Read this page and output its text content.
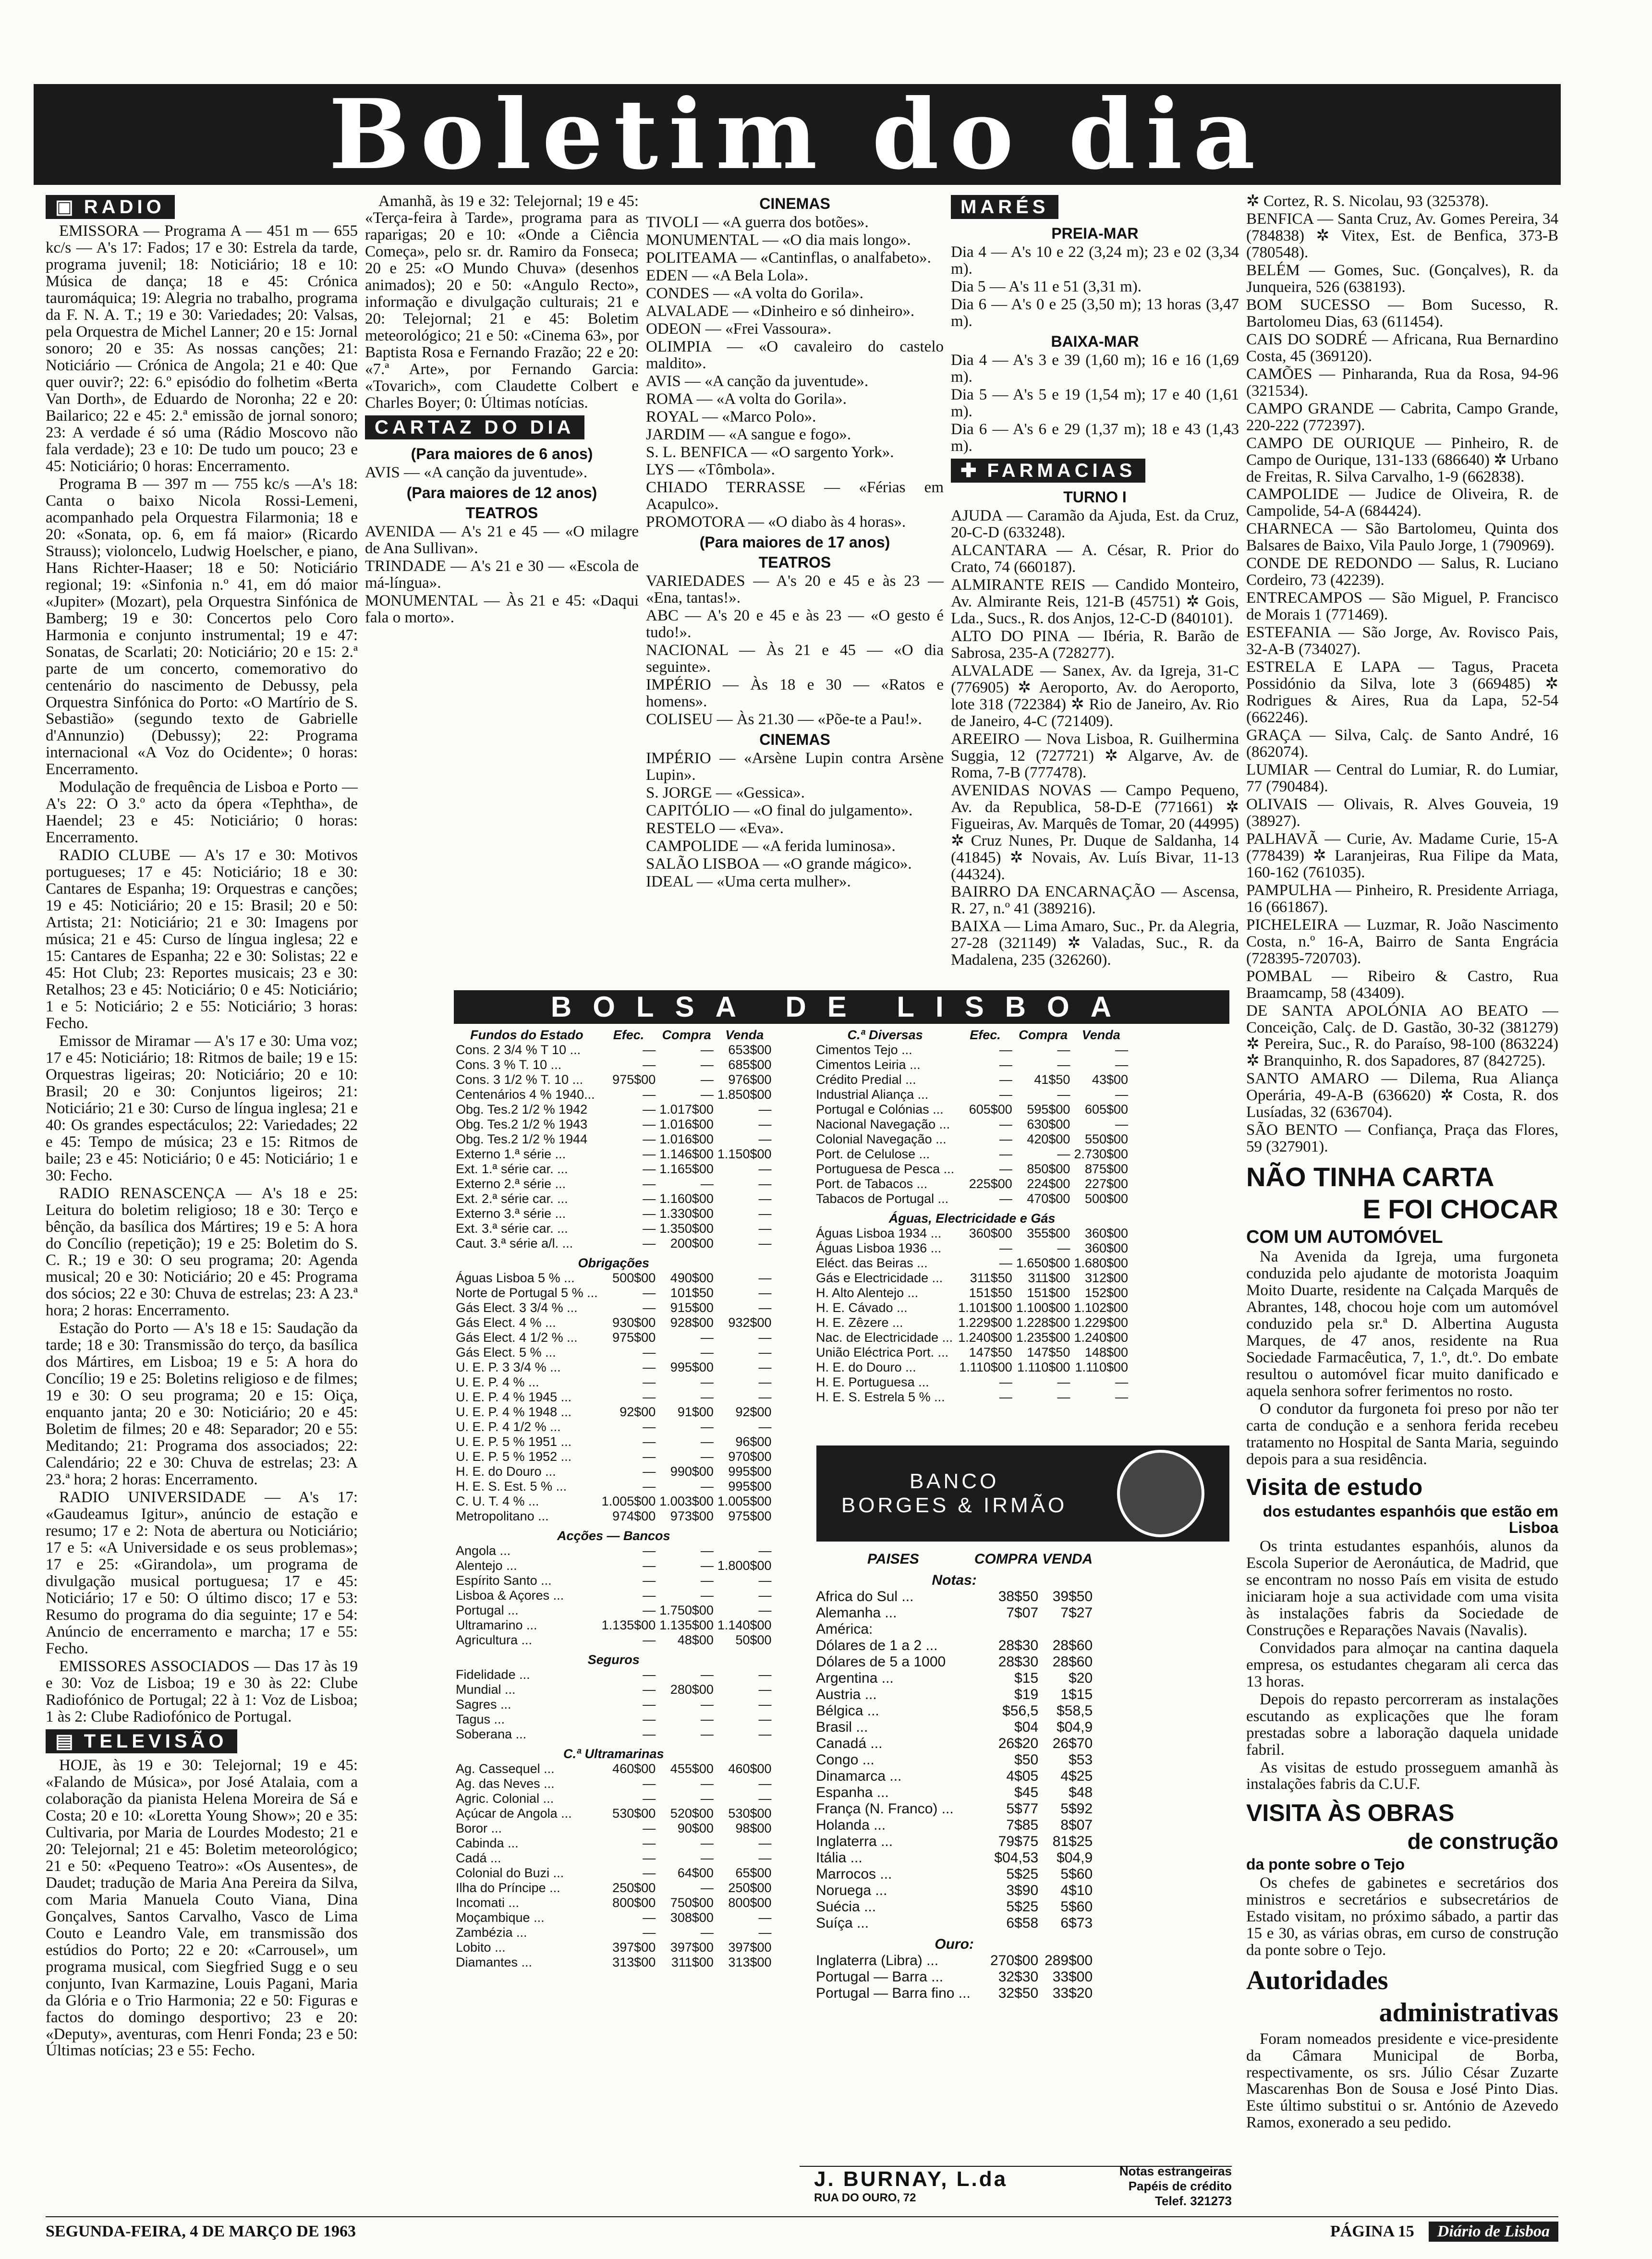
Boletim do dia
▣ RADIO
EMISSORA — Programa A — 451 m — 655 kc/s — A's 17: Fados; 17 e 30: Estrela da tarde, programa juvenil; 18: Noticiário; 18 e 10: Música de dança; 18 e 45: Crónica tauromáquica; 19: Alegria no trabalho, programa da F. N. A. T.; 19 e 30: Variedades; 20: Valsas, pela Orquestra de Michel Lanner; 20 e 15: Jornal sonoro; 20 e 35: As nossas canções; 21: Noticiário — Crónica de Angola; 21 e 40: Que quer ouvir?; 22: 6.º episódio do folhetim «Berta Van Dorth», de Eduardo de Noronha; 22 e 20: Bailarico; 22 e 45: 2.ª emissão de jornal sonoro; 23: A verdade é só uma (Rádio Moscovo não fala verdade); 23 e 10: De tudo um pouco; 23 e 45: Noticiário; 0 horas: Encerramento.
Programa B — 397 m — 755 kc/s —A's 18: Canta o baixo Nicola Rossi-Lemeni, acompanhado pela Orquestra Filarmonia; 18 e 20: «Sonata, op. 6, em fá maior» (Ricardo Strauss); violoncelo, Ludwig Hoelscher, e piano, Hans Richter-Haaser; 18 e 50: Noticiário regional; 19: «Sinfonia n.º 41, em dó maior «Jupiter» (Mozart), pela Orquestra Sinfónica de Bamberg; 19 e 30: Concertos pelo Coro Harmonia e conjunto instrumental; 19 e 47: Sonatas, de Scarlati; 20: Noticiário; 20 e 15: 2.ª parte de um concerto, comemorativo do centenário do nascimento de Debussy, pela Orquestra Sinfónica do Porto: «O Martírio de S. Sebastião» (segundo texto de Gabrielle d'Annunzio) (Debussy); 22: Programa internacional «A Voz do Ocidente»; 0 horas: Encerramento.
Modulação de frequência de Lisboa e Porto — A's 22: O 3.º acto da ópera «Tephtha», de Haendel; 23 e 45: Noticiário; 0 horas: Encerramento.
RADIO CLUBE — A's 17 e 30: Motivos portugueses; 17 e 45: Noticiário; 18 e 30: Cantares de Espanha; 19: Orquestras e canções; 19 e 45: Noticiário; 20 e 15: Brasil; 20 e 50: Artista; 21: Noticiário; 21 e 30: Imagens por música; 21 e 45: Curso de língua inglesa; 22 e 15: Cantares de Espanha; 22 e 30: Solistas; 22 e 45: Hot Club; 23: Reportes musicais; 23 e 30: Retalhos; 23 e 45: Noticiário; 0 e 45: Noticiário; 1 e 5: Noticiário; 2 e 55: Noticiário; 3 horas: Fecho.
Emissor de Miramar — A's 17 e 30: Uma voz; 17 e 45: Noticiário; 18: Ritmos de baile; 19 e 15: Orquestras ligeiras; 20: Noticiário; 20 e 10: Brasil; 20 e 30: Conjuntos ligeiros; 21: Noticiário; 21 e 30: Curso de língua inglesa; 21 e 40: Os grandes espectáculos; 22: Variedades; 22 e 45: Tempo de música; 23 e 15: Ritmos de baile; 23 e 45: Noticiário; 0 e 45: Noticiário; 1 e 30: Fecho.
RADIO RENASCENÇA — A's 18 e 25: Leitura do boletim religioso; 18 e 30: Terço e bênção, da basílica dos Mártires; 19 e 5: A hora do Concílio (repetição); 19 e 25: Boletim do S. C. R.; 19 e 30: O seu programa; 20: Agenda musical; 20 e 30: Noticiário; 20 e 45: Programa dos sócios; 22 e 30: Chuva de estrelas; 23: A 23.ª hora; 2 horas: Encerramento.
Estação do Porto — A's 18 e 15: Saudação da tarde; 18 e 30: Transmissão do terço, da basílica dos Mártires, em Lisboa; 19 e 5: A hora do Concílio; 19 e 25: Boletins religioso e de filmes; 19 e 30: O seu programa; 20 e 15: Oiça, enquanto janta; 20 e 30: Noticiário; 20 e 45: Boletim de filmes; 20 e 48: Separador; 20 e 55: Meditando; 21: Programa dos associados; 22: Calendário; 22 e 30: Chuva de estrelas; 23: A 23.ª hora; 2 horas: Encerramento.
RADIO UNIVERSIDADE — A's 17: «Gaudeamus Igitur», anúncio de estação e resumo; 17 e 2: Nota de abertura ou Noticiário; 17 e 5: «A Universidade e os seus problemas»; 17 e 25: «Girandola», um programa de divulgação musical portuguesa; 17 e 45: Noticiário; 17 e 50: O último disco; 17 e 53: Resumo do programa do dia seguinte; 17 e 54: Anúncio de encerramento e marcha; 17 e 55: Fecho.
EMISSORES ASSOCIADOS — Das 17 às 19 e 30: Voz de Lisboa; 19 e 30 às 22: Clube Radiofónico de Portugal; 22 à 1: Voz de Lisboa; 1 às 2: Clube Radiofónico de Portugal.
▤ TELEVISÃO
HOJE, às 19 e 30: Telejornal; 19 e 45: «Falando de Música», por José Atalaia, com a colaboração da pianista Helena Moreira de Sá e Costa; 20 e 10: «Loretta Young Show»; 20 e 35: Cultivaria, por Maria de Lourdes Modesto; 21 e 20: Telejornal; 21 e 45: Boletim meteorológico; 21 e 50: «Pequeno Teatro»: «Os Ausentes», de Daudet; tradução de Maria Ana Pereira da Silva, com Maria Manuela Couto Viana, Dina Gonçalves, Santos Carvalho, Vasco de Lima Couto e Leandro Vale, em transmissão dos estúdios do Porto; 22 e 20: «Carrousel», um programa musical, com Siegfried Sugg e o seu conjunto, Ivan Karmazine, Louis Pagani, Maria da Glória e o Trio Harmonia; 22 e 50: Figuras e factos do domingo desportivo; 23 e 20: «Deputy», aventuras, com Henri Fonda; 23 e 50: Últimas notícias; 23 e 55: Fecho.
Amanhã, às 19 e 32: Telejornal; 19 e 45: «Terça-feira à Tarde», programa para as raparigas; 20 e 10: «Onde a Ciência Começa», pelo sr. dr. Ramiro da Fonseca; 20 e 25: «O Mundo Chuva» (desenhos animados); 20 e 50: «Angulo Recto», informação e divulgação culturais; 21 e 20: Telejornal; 21 e 45: Boletim meteorológico; 21 e 50: «Cinema 63», por Baptista Rosa e Fernando Frazão; 22 e 20: «7.ª Arte», por Fernando Garcia: «Tovarich», com Claudette Colbert e Charles Boyer; 0: Últimas notícias.
CARTAZ DO DIA
(Para maiores de 6 anos)
AVIS — «A canção da juventude».
(Para maiores de 12 anos)
TEATROS
AVENIDA — A's 21 e 45 — «O milagre de Ana Sullivan».
TRINDADE — A's 21 e 30 — «Escola de má-língua».
MONUMENTAL — Às 21 e 45: «Daqui fala o morto».
CINEMAS
TIVOLI — «A guerra dos botões».
MONUMENTAL — «O dia mais longo».
POLITEAMA — «Cantinflas, o analfabeto».
EDEN — «A Bela Lola».
CONDES — «A volta do Gorila».
ALVALADE — «Dinheiro e só dinheiro».
ODEON — «Frei Vassoura».
OLIMPIA — «O cavaleiro do castelo maldito».
AVIS — «A canção da juventude».
ROMA — «A volta do Gorila».
ROYAL — «Marco Polo».
JARDIM — «A sangue e fogo».
S. L. BENFICA — «O sargento York».
LYS — «Tômbola».
CHIADO TERRASSE — «Férias em Acapulco».
PROMOTORA — «O diabo às 4 horas».
(Para maiores de 17 anos)
TEATROS
VARIEDADES — A's 20 e 45 e às 23 — «Ena, tantas!».
ABC — A's 20 e 45 e às 23 — «O gesto é tudo!».
NACIONAL — Às 21 e 45 — «O dia seguinte».
IMPÉRIO — Às 18 e 30 — «Ratos e homens».
COLISEU — Às 21.30 — «Põe-te a Pau!».
CINEMAS
IMPÉRIO — «Arsène Lupin contra Arsène Lupin».
S. JORGE — «Gessica».
CAPITÓLIO — «O final do julgamento».
RESTELO — «Eva».
CAMPOLIDE — «A ferida luminosa».
SALÃO LISBOA — «O grande mágico».
IDEAL — «Uma certa mulher».
MARÉS
PREIA-MAR
Dia 4 — A's 10 e 22 (3,24 m); 23 e 02 (3,34 m).
Dia 5 — A's 11 e 51 (3,31 m).
Dia 6 — A's 0 e 25 (3,50 m); 13 horas (3,47 m).
BAIXA-MAR
Dia 4 — A's 3 e 39 (1,60 m); 16 e 16 (1,69 m).
Dia 5 — A's 5 e 19 (1,54 m); 17 e 40 (1,61 m).
Dia 6 — A's 6 e 29 (1,37 m); 18 e 43 (1,43 m).
✚ FARMACIAS
TURNO I
AJUDA — Caramão da Ajuda, Est. da Cruz, 20-C-D (633248).
ALCANTARA — A. César, R. Prior do Crato, 74 (660187).
ALMIRANTE REIS — Candido Monteiro, Av. Almirante Reis, 121-B (45751) ✲ Gois, Lda., Sucs., R. dos Anjos, 12-C-D (840101).
ALTO DO PINA — Ibéria, R. Barão de Sabrosa, 235-A (728277).
ALVALADE — Sanex, Av. da Igreja, 31-C (776905) ✲ Aeroporto, Av. do Aeroporto, lote 318 (722384) ✲ Rio de Janeiro, Av. Rio de Janeiro, 4-C (721409).
AREEIRO — Nova Lisboa, R. Guilhermina Suggia, 12 (727721) ✲ Algarve, Av. de Roma, 7-B (777478).
AVENIDAS NOVAS — Campo Pequeno, Av. da Republica, 58-D-E (771661) ✲ Figueiras, Av. Marquês de Tomar, 20 (44995) ✲ Cruz Nunes, Pr. Duque de Saldanha, 14 (41845) ✲ Novais, Av. Luís Bivar, 11-13 (44324).
BAIRRO DA ENCARNAÇÃO — Ascensa, R. 27, n.º 41 (389216).
BAIXA — Lima Amaro, Suc., Pr. da Alegria, 27-28 (321149) ✲ Valadas, Suc., R. da Madalena, 235 (326260).
✲ Cortez, R. S. Nicolau, 93 (325378).
BENFICA — Santa Cruz, Av. Gomes Pereira, 34 (784838) ✲ Vitex, Est. de Benfica, 373-B (780548).
BELÉM — Gomes, Suc. (Gonçalves), R. da Junqueira, 526 (638193).
BOM SUCESSO — Bom Sucesso, R. Bartolomeu Dias, 63 (611454).
CAIS DO SODRÉ — Africana, Rua Bernardino Costa, 45 (369120).
CAMÕES — Pinharanda, Rua da Rosa, 94-96 (321534).
CAMPO GRANDE — Cabrita, Campo Grande, 220-222 (772397).
CAMPO DE OURIQUE — Pinheiro, R. de Campo de Ourique, 131-133 (686640) ✲ Urbano de Freitas, R. Silva Carvalho, 1-9 (662838).
CAMPOLIDE — Judice de Oliveira, R. de Campolide, 54-A (684424).
CHARNECA — São Bartolomeu, Quinta dos Balsares de Baixo, Vila Paulo Jorge, 1 (790969).
CONDE DE REDONDO — Salus, R. Luciano Cordeiro, 73 (42239).
ENTRECAMPOS — São Miguel, P. Francisco de Morais 1 (771469).
ESTEFANIA — São Jorge, Av. Rovisco Pais, 32-A-B (734027).
ESTRELA E LAPA — Tagus, Praceta Possidónio da Silva, lote 3 (669485) ✲ Rodrigues & Aires, Rua da Lapa, 52-54 (662246).
GRAÇA — Silva, Calç. de Santo André, 16 (862074).
LUMIAR — Central do Lumiar, R. do Lumiar, 77 (790484).
OLIVAIS — Olivais, R. Alves Gouveia, 19 (38927).
PALHAVÃ — Curie, Av. Madame Curie, 15-A (778439) ✲ Laranjeiras, Rua Filipe da Mata, 160-162 (761035).
PAMPULHA — Pinheiro, R. Presidente Arriaga, 16 (661867).
PICHELEIRA — Luzmar, R. João Nascimento Costa, n.º 16-A, Bairro de Santa Engrácia (728395-720703).
POMBAL — Ribeiro & Castro, Rua Braamcamp, 58 (43409).
DE SANTA APOLÓNIA AO BEATO — Conceição, Calç. de D. Gastão, 30-32 (381279) ✲ Pereira, Suc., R. do Paraíso, 98-100 (863224) ✲ Branquinho, R. dos Sapadores, 87 (842725).
SANTO AMARO — Dilema, Rua Aliança Operária, 49-A-B (636620) ✲ Costa, R. dos Lusíadas, 32 (636704).
SÃO BENTO — Confiança, Praça das Flores, 59 (327901).
NÃO TINHA CARTA
E FOI CHOCAR
COM UM AUTOMÓVEL
Na Avenida da Igreja, uma furgoneta conduzida pelo ajudante de motorista Joaquim Moito Duarte, residente na Calçada Marquês de Abrantes, 148, chocou hoje com um automóvel conduzido pela sr.ª D. Albertina Augusta Marques, de 47 anos, residente na Rua Sociedade Farmacêutica, 7, 1.º, dt.º. Do embate resultou o automóvel ficar muito danificado e aquela senhora sofrer ferimentos no rosto.
O condutor da furgoneta foi preso por não ter carta de condução e a senhora ferida recebeu tratamento no Hospital de Santa Maria, seguindo depois para a sua residência.
Visita de estudo
dos estudantes espanhóis que estão em Lisboa
Os trinta estudantes espanhóis, alunos da Escola Superior de Aeronáutica, de Madrid, que se encontram no nosso País em visita de estudo iniciaram hoje a sua actividade com uma visita às instalações fabris da Sociedade de Construções e Reparações Navais (Navalis).
Convidados para almoçar na cantina daquela empresa, os estudantes chegaram ali cerca das 13 horas.
Depois do repasto percorreram as instalações escutando as explicações que lhe foram prestadas sobre a laboração daquela unidade fabril.
As visitas de estudo prosseguem amanhã às instalações fabris da C.U.F.
VISITA ÀS OBRAS
de construção
da ponte sobre o Tejo
Os chefes de gabinetes e secretários dos ministros e secretários e subsecretários de Estado visitam, no próximo sábado, a partir das 15 e 30, as várias obras, em curso de construção da ponte sobre o Tejo.
Autoridades
administrativas
Foram nomeados presidente e vice-presidente da Câmara Municipal de Borba, respectivamente, os srs. Júlio César Zuzarte Mascarenhas Bon de Sousa e José Pinto Dias. Este último substitui o sr. António de Azevedo Ramos, exonerado a seu pedido.
BOLSA DE LISBOA
Fundos do Estado	Efec.	Compra	Venda
Cons. 2 3/4 % T 10 ...	—	—	653$00
Cons. 3 % T. 10 ...	—	—	685$00
Cons. 3 1/2 % T. 10 ...	975$00	—	976$00
Centenários 4 % 1940...	—	—	1.850$00
Obg. Tes.2 1/2 % 1942	—	1.017$00	—
Obg. Tes.2 1/2 % 1943	—	1.016$00	—
Obg. Tes.2 1/2 % 1944	—	1.016$00	—
Externo 1.ª série ...	—	1.146$00	1.150$00
Ext. 1.ª série car. ...	—	1.165$00	—
Externo 2.ª série ...	—	—	—
Ext. 2.ª série car. ...	—	1.160$00	—
Externo 3.ª série ...	—	1.330$00	—
Ext. 3.ª série car. ...	—	1.350$00	—
Caut. 3.ª série a/l. ...	—	200$00	—
Obrigações			
Águas Lisboa 5 % ...	500$00	490$00	—
Norte de Portugal 5 % ...	—	101$50	—
Gás Elect. 3 3/4 % ...	—	915$00	—
Gás Elect. 4 % ...	930$00	928$00	932$00
Gás Elect. 4 1/2 % ...	975$00	—	—
Gás Elect. 5 % ...	—	—	—
U. E. P. 3 3/4 % ...	—	995$00	—
U. E. P. 4 % ...	—	—	—
U. E. P. 4 % 1945 ...	—	—	—
U. E. P. 4 % 1948 ...	92$00	91$00	92$00
U. E. P. 4 1/2 % ...	—	—	—
U. E. P. 5 % 1951 ...	—	—	96$00
U. E. P. 5 % 1952 ...	—	—	970$00
H. E. do Douro ...	—	990$00	995$00
H. E. S. Est. 5 % ...	—	—	995$00
C. U. T. 4 % ...	1.005$00	1.003$00	1.005$00
Metropolitano ...	974$00	973$00	975$00
Acções — Bancos			
Angola ...	—	—	—
Alentejo ...	—	—	1.800$00
Espírito Santo ...	—	—	—
Lisboa & Açores ...	—	—	—
Portugal ...	—	1.750$00	—
Ultramarino ...	1.135$00	1.135$00	1.140$00
Agricultura ...	—	48$00	50$00
Seguros			
Fidelidade ...	—	—	—
Mundial ...	—	280$00	—
Sagres ...	—	—	—
Tagus ...	—	—	—
Soberana ...	—	—	—
C.ª Ultramarinas			
Ag. Cassequel ...	460$00	455$00	460$00
Ag. das Neves ...	—	—	—
Agric. Colonial ...	—	—	—
Açúcar de Angola ...	530$00	520$00	530$00
Boror ...	—	90$00	98$00
Cabinda ...	—	—	—
Cadá ...	—	—	—
Colonial do Buzi ...	—	64$00	65$00
Ilha do Príncipe ...	250$00	—	250$00
Incomati ...	800$00	750$00	800$00
Moçambique ...	—	308$00	—
Zambézia ...	—	—	—
Lobito ...	397$00	397$00	397$00
Diamantes ...	313$00	311$00	313$00
C.ª Diversas	Efec.	Compra	Venda
Cimentos Tejo ...	—	—	—
Cimentos Leiria ...	—	—	—
Crédito Predial ...	—	41$50	43$00
Industrial Aliança ...	—	—	—
Portugal e Colónias ...	605$00	595$00	605$00
Nacional Navegação ...	—	630$00	—
Colonial Navegação ...	—	420$00	550$00
Port. de Celulose ...	—	—	2.730$00
Portuguesa de Pesca ...	—	850$00	875$00
Port. de Tabacos ...	225$00	224$00	227$00
Tabacos de Portugal ...	—	470$00	500$00
Águas, Electricidade e Gás			
Águas Lisboa 1934 ...	360$00	355$00	360$00
Águas Lisboa 1936 ...	—	—	360$00
Eléct. das Beiras ...	—	1.650$00	1.680$00
Gás e Electricidade ...	311$50	311$00	312$00
H. Alto Alentejo ...	151$50	151$00	152$00
H. E. Cávado ...	1.101$00	1.100$00	1.102$00
H. E. Zêzere ...	1.229$00	1.228$00	1.229$00
Nac. de Electricidade ...	1.240$00	1.235$00	1.240$00
União Eléctrica Port. ...	147$50	147$50	148$00
H. E. do Douro ...	1.110$00	1.110$00	1.110$00
H. E. Portuguesa ...	—	—	—
H. E. S. Estrela 5 % ...	—	—	—
BANCO
BORGES & IRMÃO
PAISES	COMPRA	VENDA
Notas:		
Africa do Sul ...	38$50	39$50
Alemanha ...	7$07	7$27
América:		
Dólares de 1 a 2 ...	28$30	28$60
Dólares de 5 a 1000	28$30	28$60
Argentina ...	$15	$20
Austria ...	$19	1$15
Bélgica ...	$56,5	$58,5
Brasil ...	$04	$04,9
Canadá ...	26$20	26$70
Congo ...	$50	$53
Dinamarca ...	4$05	4$25
Espanha ...	$45	$48
França (N. Franco) ...	5$77	5$92
Holanda ...	7$85	8$07
Inglaterra ...	79$75	81$25
Itália ...	$04,53	$04,9
Marrocos ...	5$25	5$60
Noruega ...	3$90	4$10
Suécia ...	5$25	5$60
Suíça ...	6$58	6$73
Ouro:		
Inglaterra (Libra) ...	270$00	289$00
Portugal — Barra ...	32$30	33$00
Portugal — Barra fino ...	32$50	33$20
J. BURNAY, L.da
RUA DO OURO, 72
Notas estrangeiras
Papéis de crédito
Telef. 321273
SEGUNDA-FEIRA, 4 DE MARÇO DE 1963	PÁGINA 15	Diário de Lisboa
